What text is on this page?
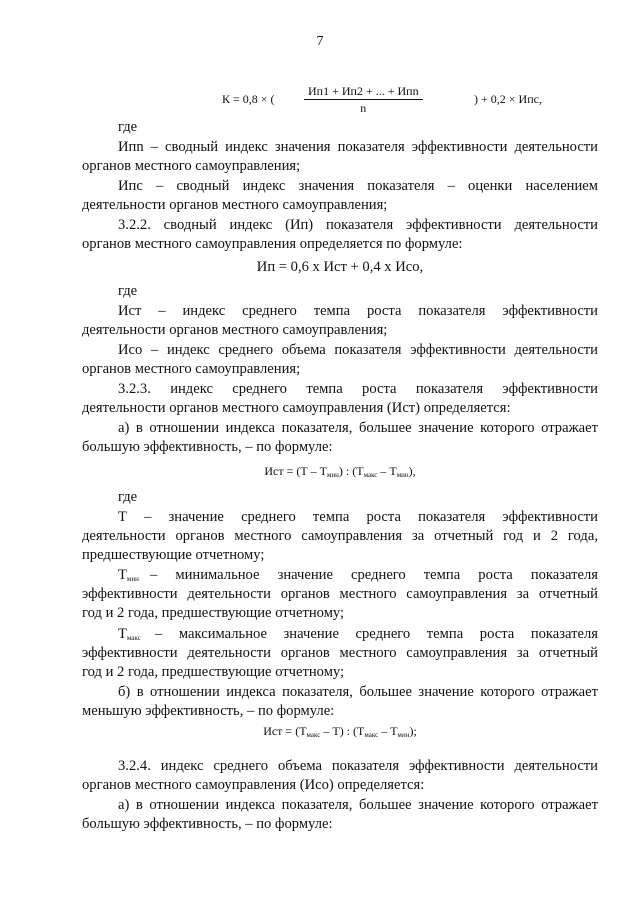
7
К = 0,8 × (
Ип1 + Ип2 + ... + Ипn
n
) + 0,2 × Ипс,
где
Ипn – сводный индекс значения показателя эффективности деятельности
органов местного самоуправления;
Ипс – сводный индекс значения показателя – оценки населением
деятельности органов местного самоуправления;
3.2.2. сводный индекс (Ип) показателя эффективности деятельности
органов местного самоуправления определяется по формуле:
Ип = 0,6 х Ист + 0,4 х Исо,
где
Ист – индекс среднего темпа роста показателя эффективности
деятельности органов местного самоуправления;
Исо – индекс среднего объема показателя эффективности деятельности
органов местного самоуправления;
3.2.3. индекс среднего темпа роста показателя эффективности
деятельности органов местного самоуправления (Ист) определяется:
а) в отношении индекса показателя, большее значение которого отражает
большую эффективность, – по формуле:
Ист = $(Т - Т_{мин})$ : $(Т_{макс} - Т_{мин})$,
где
Т – значение среднего темпа роста показателя эффективности
деятельности органов местного самоуправления за отчетный год и 2 года,
предшествующие отчетному;
$Т_{мин}$ – минимальное значение среднего темпа роста показателя
эффективности деятельности органов местного самоуправления за отчетный
год и 2 года, предшествующие отчетному;
$Т_{макс}$ – максимальное значение среднего темпа роста показателя
эффективности деятельности органов местного самоуправления за отчетный
год и 2 года, предшествующие отчетному;
б) в отношении индекса показателя, большее значение которого отражает
меньшую эффективность, – по формуле:
Ист = $(Т_{макс} - Т)$ : $(Т_{макс} - Т_{мин})$;
3.2.4. индекс среднего объема показателя эффективности деятельности
органов местного самоуправления (Исо) определяется:
а) в отношении индекса показателя, большее значение которого отражает
большую эффективность, – по формуле:
